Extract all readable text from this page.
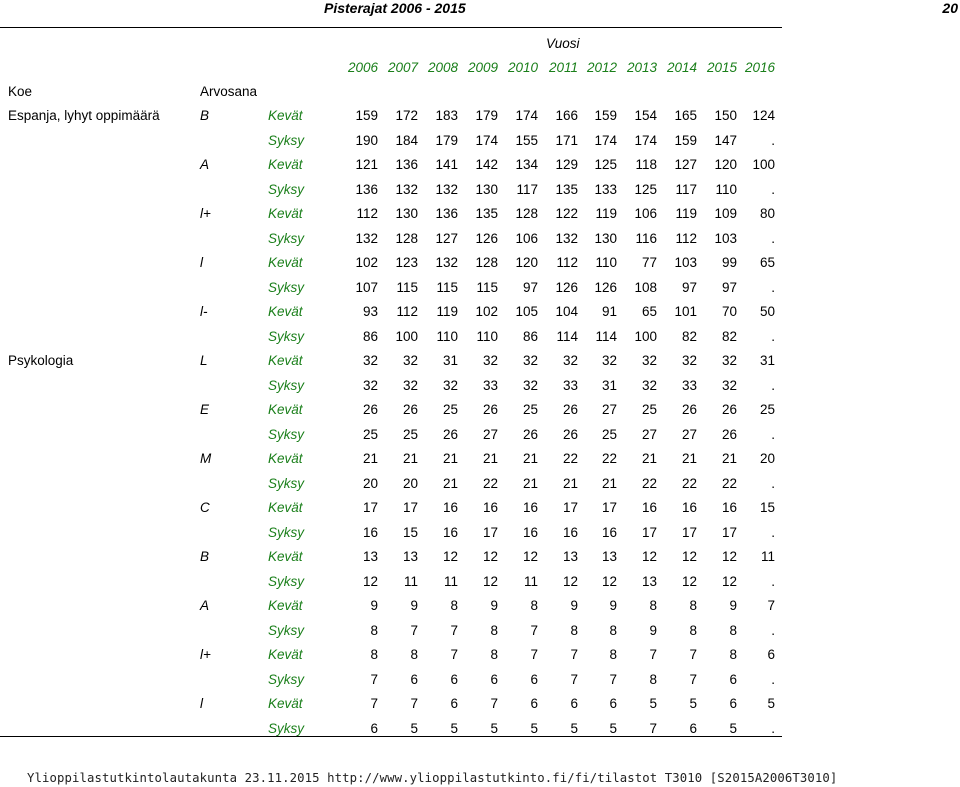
Pisterajat 2006 - 2015	20
Vuosi
2006 2007 2008 2009 2010 2011 2012 2013 2014 2015 2016
Koe	Arvosana
Espanja, lyhyt oppimäärä	B	Kevät	159	172	183	179	174	166	159	154	165	150	124
Syksy	190	184	179	174	155	171	174	174	159	147	.
A	Kevät	121	136	141	142	134	129	125	118	127	120	100
Syksy	136	132	132	130	117	135	133	125	117	110	.
l+	Kevät	112	130	136	135	128	122	119	106	119	109	80
Syksy	132	128	127	126	106	132	130	116	112	103	.
l	Kevät	102	123	132	128	120	112	110	77	103	99	65
Syksy	107	115	115	115	97	126	126	108	97	97	.
l-	Kevät	93	112	119	102	105	104	91	65	101	70	50
Syksy	86	100	110	110	86	114	114	100	82	82	.
Psykologia	L	Kevät	32	32	31	32	32	32	32	32	32	32	31
Syksy	32	32	32	33	32	33	31	32	33	32	.
E	Kevät	26	26	25	26	25	26	27	25	26	26	25
Syksy	25	25	26	27	26	26	25	27	27	26	.
M	Kevät	21	21	21	21	21	22	22	21	21	21	20
Syksy	20	20	21	22	21	21	21	22	22	22	.
C	Kevät	17	17	16	16	16	17	17	16	16	16	15
Syksy	16	15	16	17	16	16	16	17	17	17	.
B	Kevät	13	13	12	12	12	13	13	12	12	12	11
Syksy	12	11	11	12	11	12	12	13	12	12	.
A	Kevät	9	9	8	9	8	9	9	8	8	9	7
Syksy	8	7	7	8	7	8	8	9	8	8	.
l+	Kevät	8	8	7	8	7	7	8	7	7	8	6
Syksy	7	6	6	6	6	7	7	8	7	6	.
l	Kevät	7	7	6	7	6	6	6	5	5	6	5
Syksy	6	5	5	5	5	5	5	7	6	5	.
Ylioppilastutkintolautakunta 23.11.2015 http://www.ylioppilastutkinto.fi/fi/tilastot T3010 [S2015A2006T3010]
